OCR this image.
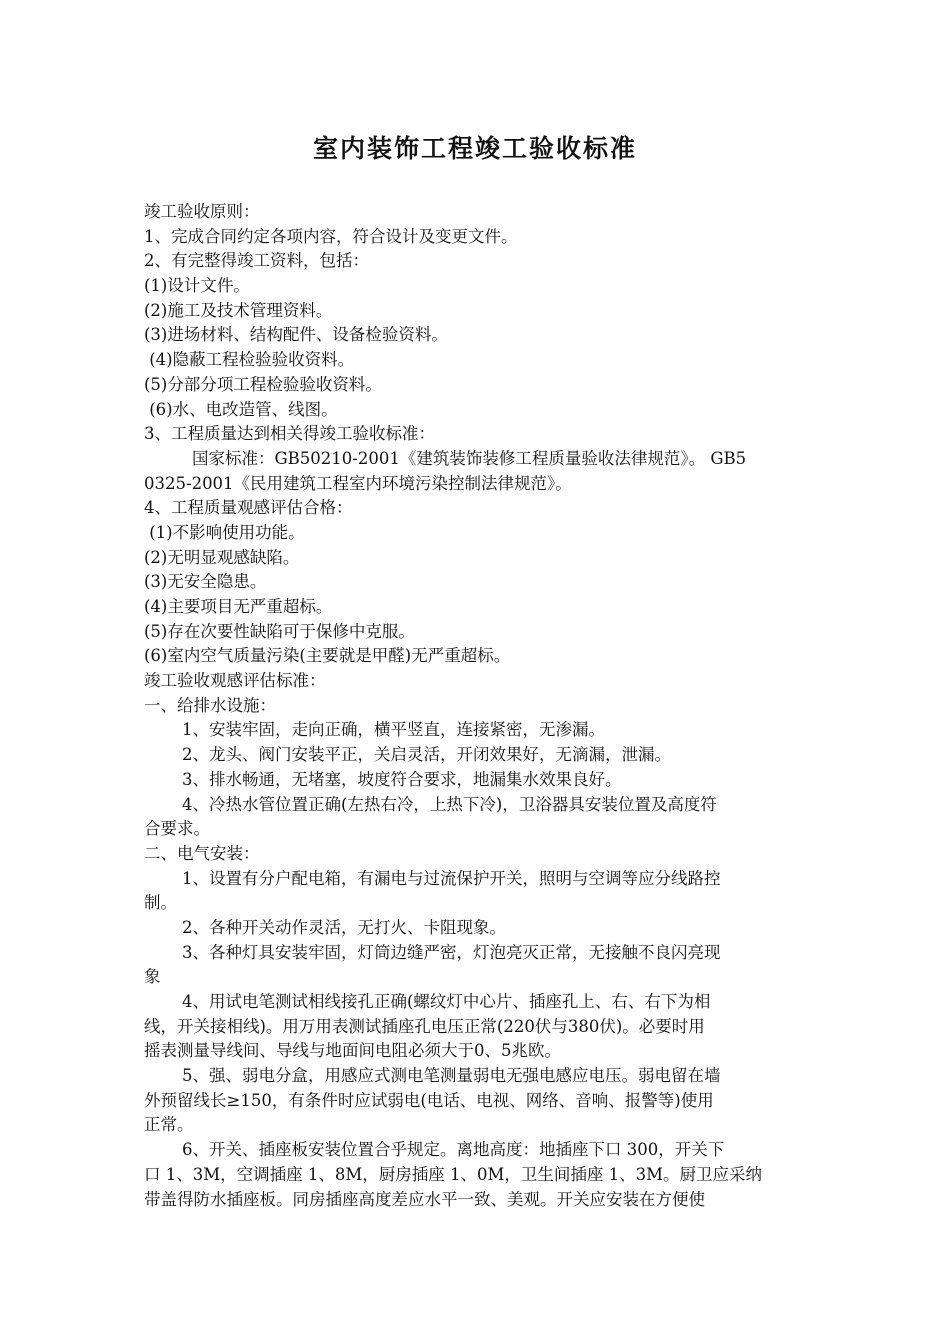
室内装饰工程竣工验收标准
竣工验收原则：
1、完成合同约定各项内容，符合设计及变更文件。
2、有完整得竣工资料，包括：
(1)设计文件。
(2)施工及技术管理资料。
(3)进场材料、结构配件、设备检验资料。
(4)隐蔽工程检验验收资料。
(5)分部分项工程检验验收资料。
(6)水、电改造管、线图。
3、工程质量达到相关得竣工验收标准：
国家标准：GB50210-2001《建筑装饰装修工程质量验收法律规范》。 GB5
0325-2001《民用建筑工程室内环境污染控制法律规范》。
4、工程质量观感评估合格：
(1)不影响使用功能。
(2)无明显观感缺陷。
(3)无安全隐患。
(4)主要项目无严重超标。
(5)存在次要性缺陷可于保修中克服。
(6)室内空气质量污染(主要就是甲醛)无严重超标。
竣工验收观感评估标准：
一、给排水设施：
1、安装牢固，走向正确，横平竖直，连接紧密，无渗漏。
2、龙头、阀门安装平正，关启灵活，开闭效果好，无滴漏，泄漏。
3、排水畅通，无堵塞，坡度符合要求，地漏集水效果良好。
4、冷热水管位置正确(左热右冷，上热下冷)，卫浴器具安装位置及高度符
合要求。
二、电气安装：
1、设置有分户配电箱，有漏电与过流保护开关，照明与空调等应分线路控
制。
2、各种开关动作灵活，无打火、卡阻现象。
3、各种灯具安装牢固，灯筒边缝严密，灯泡亮灭正常，无接触不良闪亮现
象
4、用试电笔测试相线接孔正确(螺纹灯中心片、插座孔上、右、右下为相
线，开关接相线)。用万用表测试插座孔电压正常(220伏与380伏)。必要时用
摇表测量导线间、导线与地面间电阻必须大于0、5兆欧。
5、强、弱电分盒，用感应式测电笔测量弱电无强电感应电压。弱电留在墙
外预留线长≥150，有条件时应试弱电(电话、电视、网络、音响、报警等)使用
正常。
6、开关、插座板安装位置合乎规定。离地高度：地插座下口 300，开关下
口 1、3M，空调插座 1、8M，厨房插座 1、0M，卫生间插座 1、3M。厨卫应采纳
带盖得防水插座板。同房插座高度差应水平一致、美观。开关应安装在方便使
